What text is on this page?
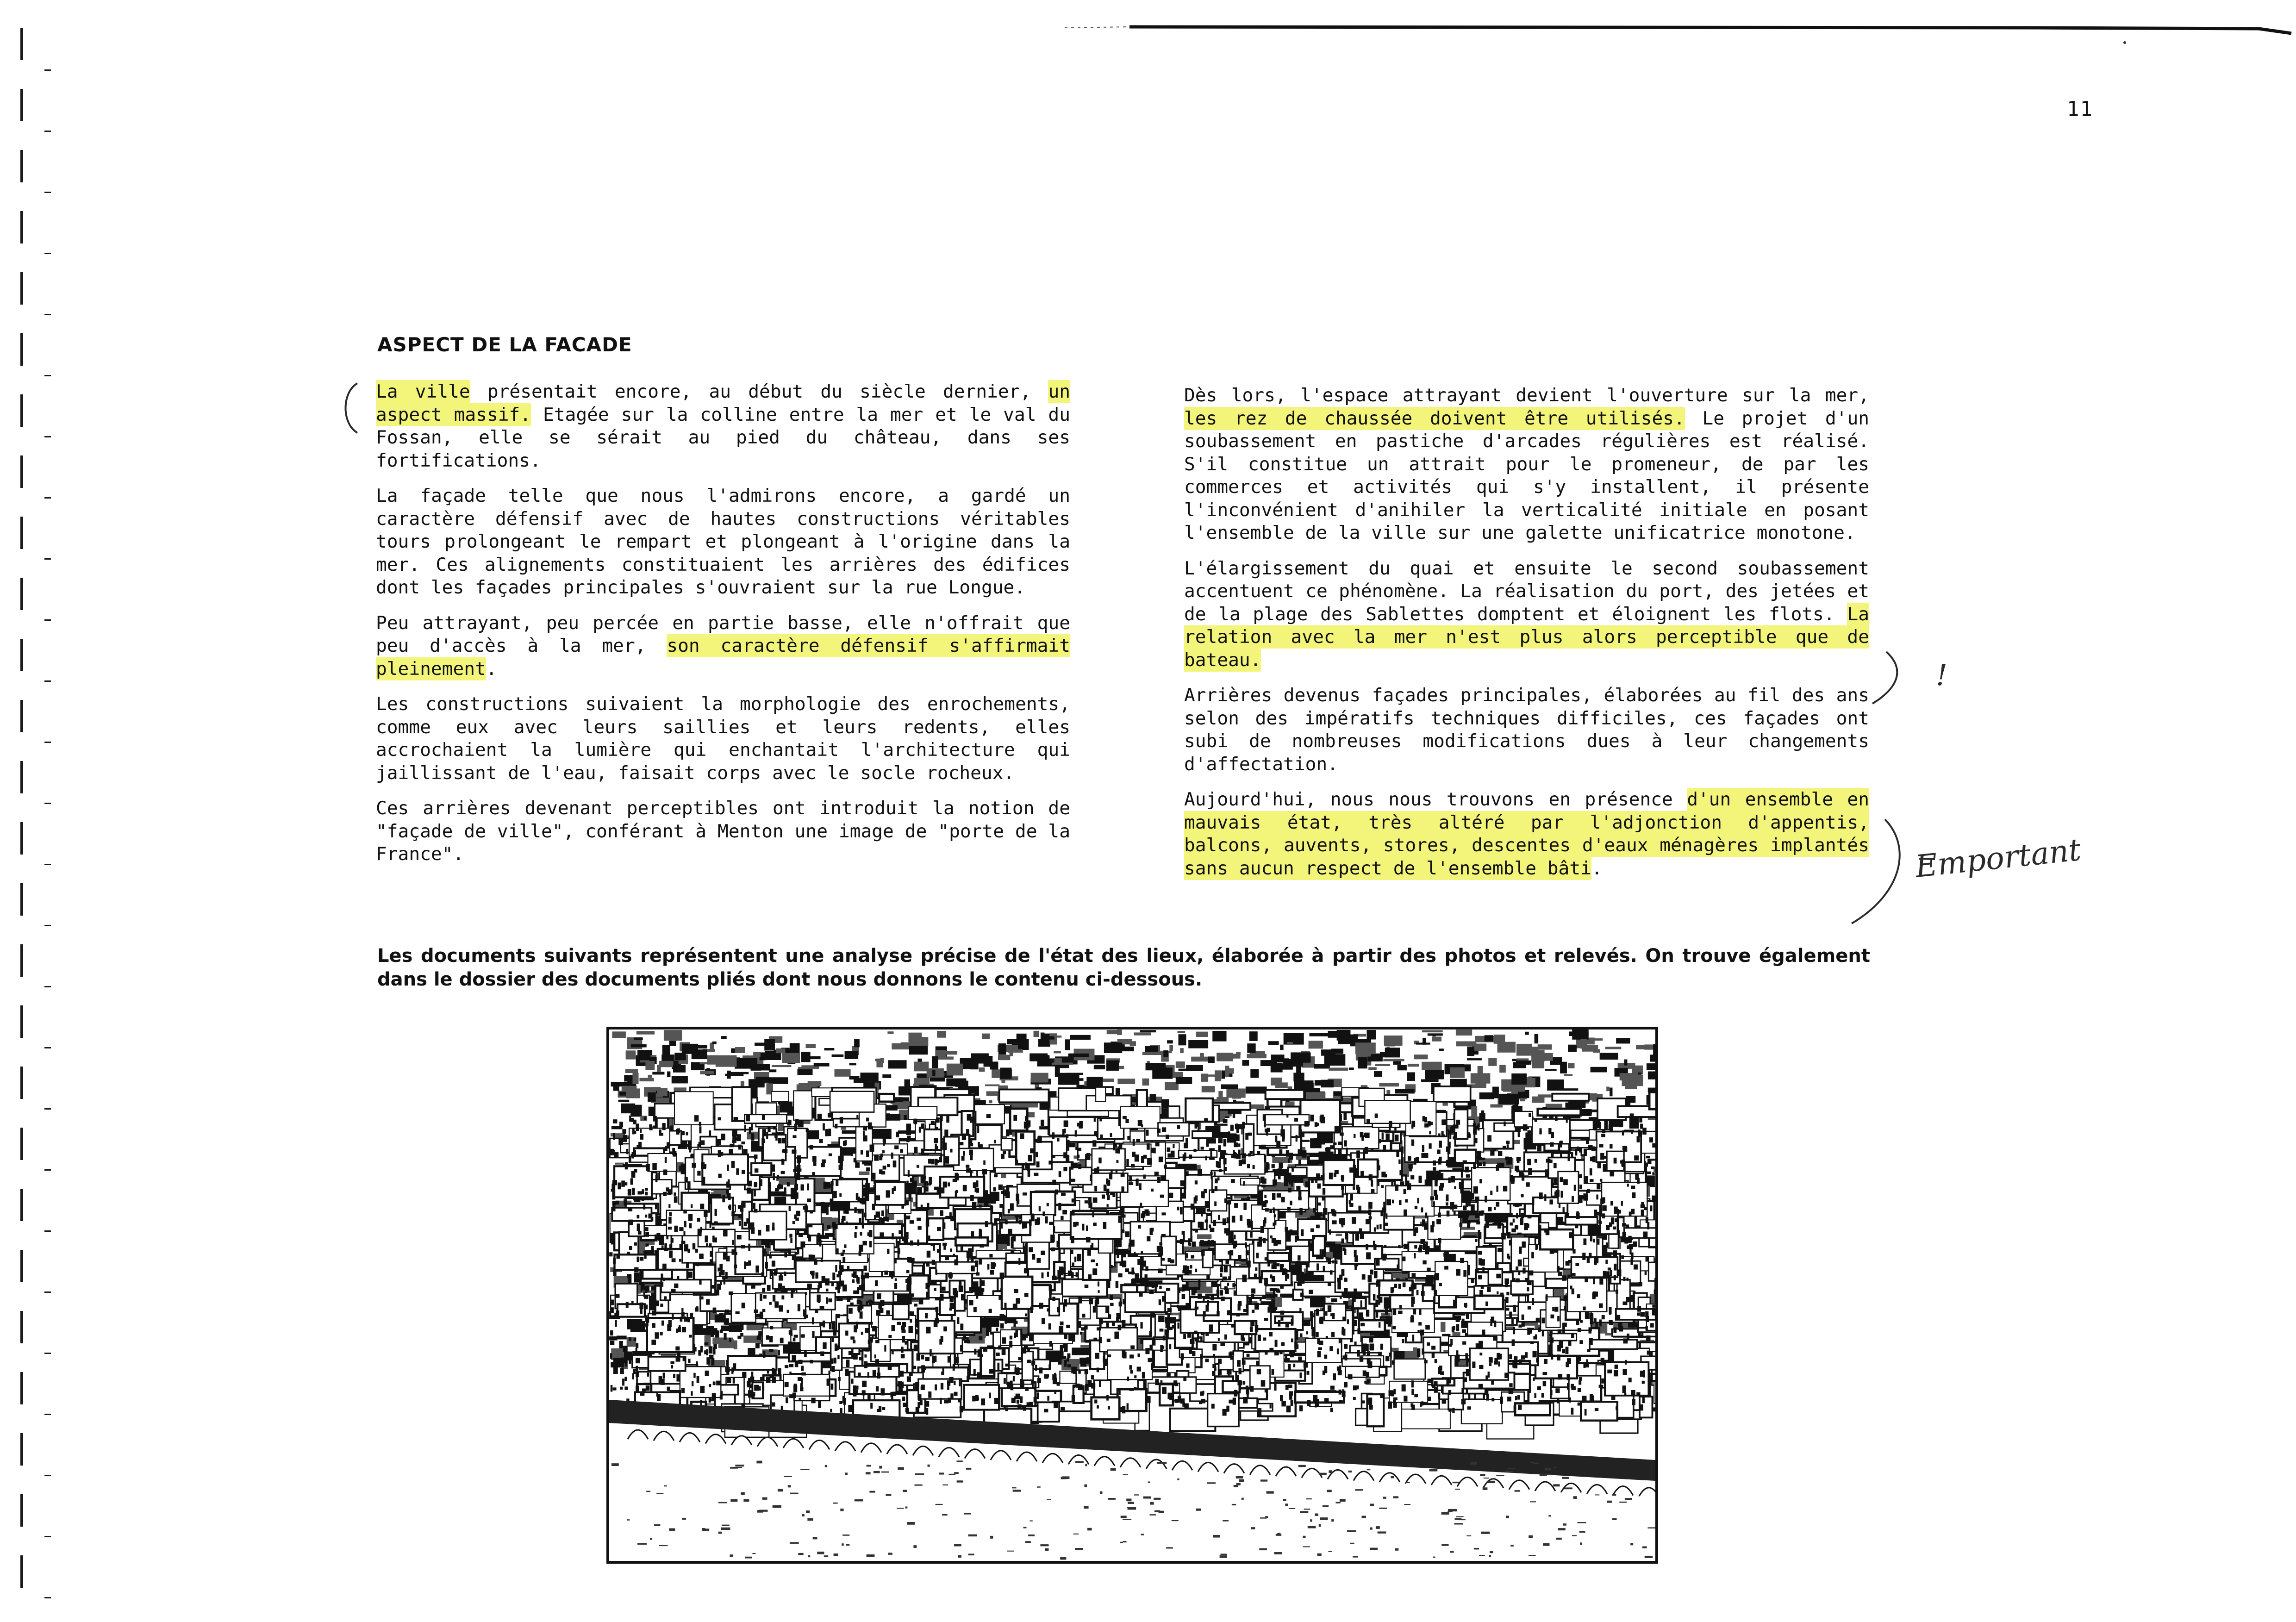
11
ASPECT DE LA FACADE

La ville présentait encore, au début du siècle dernier, un aspect massif. Etagée sur la colline entre la mer et le val du Fossan, elle se sérait au pied du château, dans ses fortifications.

La façade telle que nous l'admirons encore, a gardé un caractère défensif avec de hautes constructions véritables tours prolongeant le rempart et plongeant à l'origine dans la mer. Ces alignements constituaient les arrières des édifices dont les façades principales s'ouvraient sur la rue Longue.

Peu attrayant, peu percée en partie basse, elle n'offrait que peu d'accès à la mer, son caractère défensif s'affirmait pleinement.

Les constructions suivaient la morphologie des enrochements, comme eux avec leurs saillies et leurs redents, elles accrochaient la lumière qui enchantait l'architecture qui jaillissant de l'eau, faisait corps avec le socle rocheux.

Ces arrières devenant perceptibles ont introduit la notion de "façade de ville", conférant à Menton une image de "porte de la France".

Dès lors, l'espace attrayant devient l'ouverture sur la mer, les rez de chaussée doivent être utilisés. Le projet d'un soubassement en pastiche d'arcades régulières est réalisé. S'il constitue un attrait pour le promeneur, de par les commerces et activités qui s'y installent, il présente l'inconvénient d'anihiler la verticalité initiale en posant l'ensemble de la ville sur une galette unificatrice monotone.

L'élargissement du quai et ensuite le second soubassement accentuent ce phénomène. La réalisation du port, des jetées et de la plage des Sablettes domptent et éloignent les flots. La relation avec la mer n'est plus alors perceptible que de bateau.

Arrières devenus façades principales, élaborées au fil des ans selon des impératifs techniques difficiles, ces façades ont subi de nombreuses modifications dues à leur changements d'affectation.

Aujourd'hui, nous nous trouvons en présence d'un ensemble en mauvais état, très altéré par l'adjonction d'appentis, balcons, auvents, stores, descentes d'eaux ménagères implantés sans aucun respect de l'ensemble bâti.

Les documents suivants représentent une analyse précise de l'état des lieux, élaborée à partir des photos et relevés. On trouve également dans le dossier des documents pliés dont nous donnons le contenu ci-dessous.
!
Emportant
